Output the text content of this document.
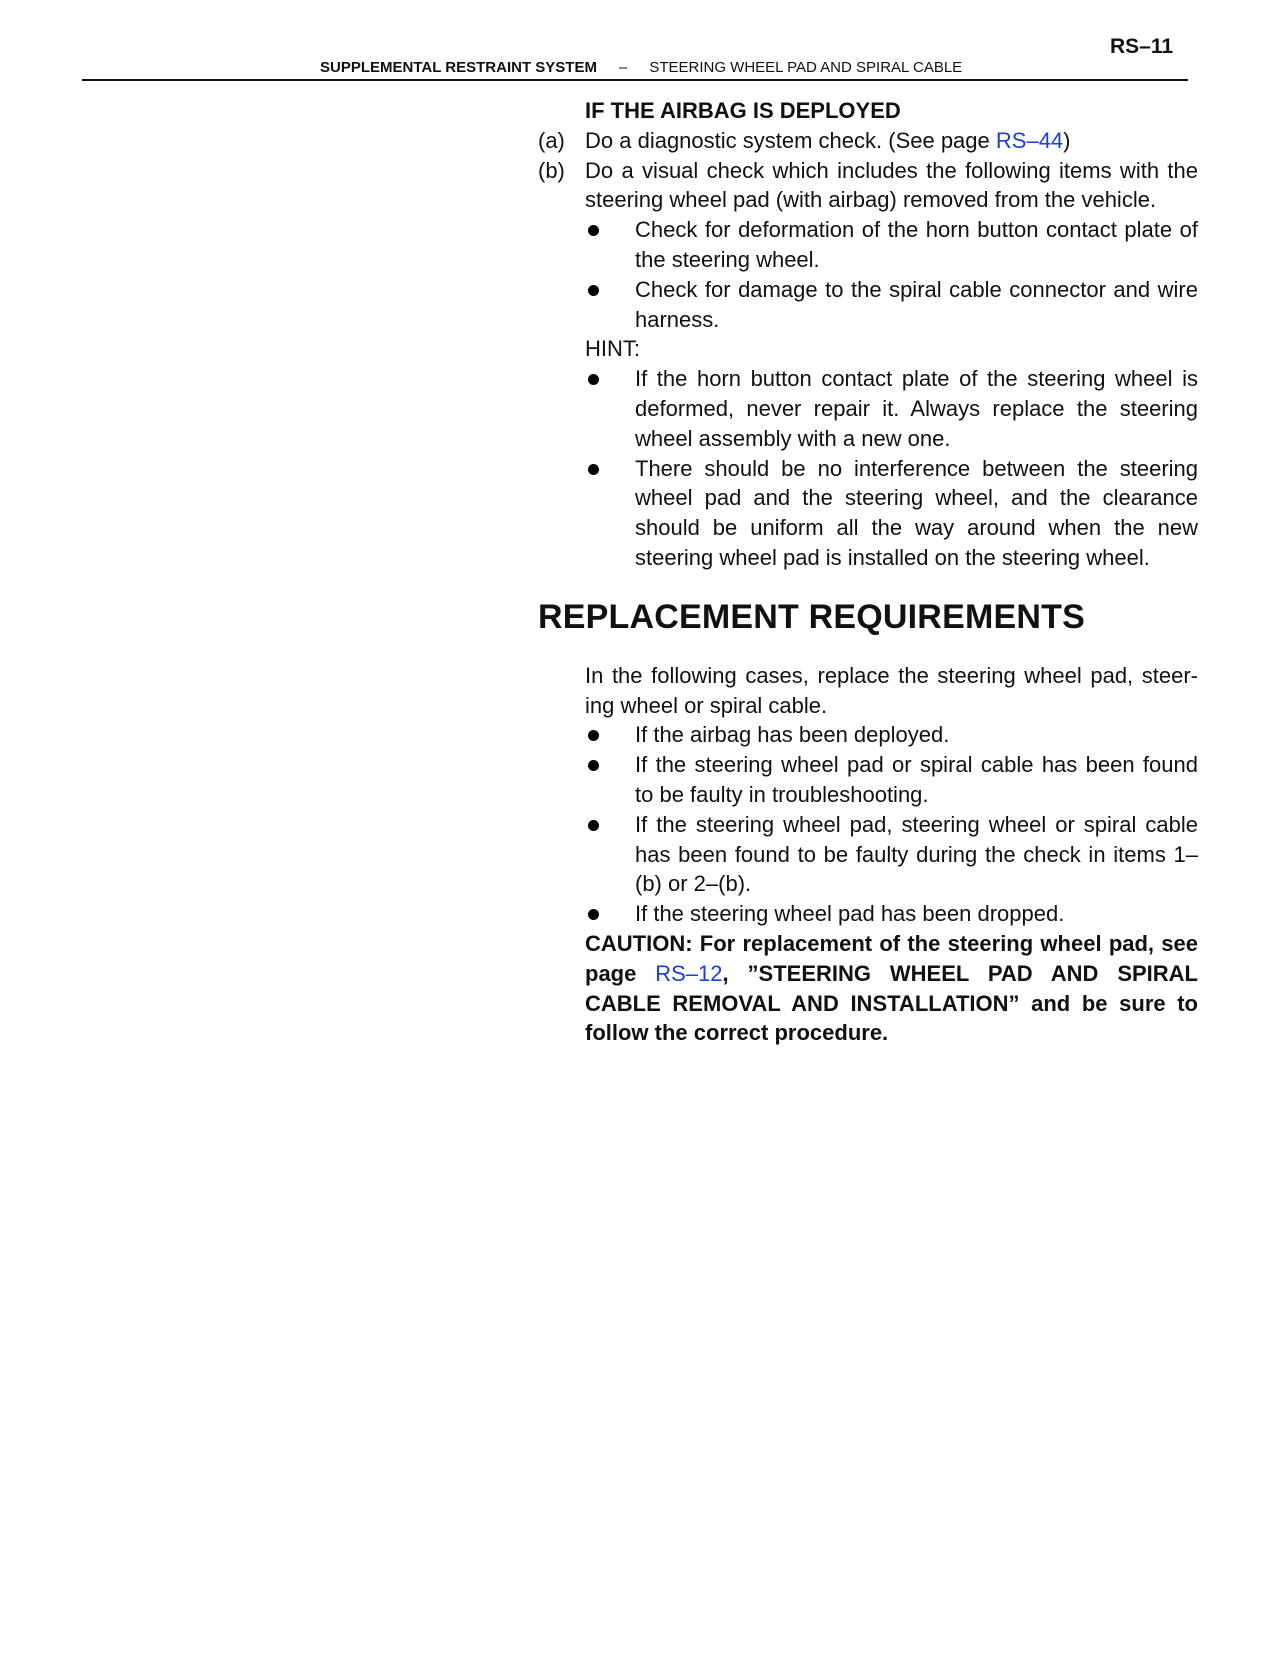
RS–11
SUPPLEMENTAL RESTRAINT SYSTEM – STEERING WHEEL PAD AND SPIRAL CABLE
IF THE AIRBAG IS DEPLOYED
(a) Do a diagnostic system check. (See page RS–44)
(b) Do a visual check which includes the following items with the steering wheel pad (with airbag) removed from the vehicle.
Check for deformation of the horn button contact plate of the steering wheel.
Check for damage to the spiral cable connector and wire harness.
HINT:
If the horn button contact plate of the steering wheel is deformed, never repair it. Always replace the steering wheel assembly with a new one.
There should be no interference between the steering wheel pad and the steering wheel, and the clearance should be uniform all the way around when the new steering wheel pad is installed on the steering wheel.
REPLACEMENT REQUIREMENTS
In the following cases, replace the steering wheel pad, steer-ing wheel or spiral cable.
If the airbag has been deployed.
If the steering wheel pad or spiral cable has been found to be faulty in troubleshooting.
If the steering wheel pad, steering wheel or spiral cable has been found to be faulty during the check in items 1–(b) or 2–(b).
If the steering wheel pad has been dropped.
CAUTION: For replacement of the steering wheel pad, see page RS–12, ”STEERING WHEEL PAD AND SPIRAL CABLE REMOVAL AND INSTALLATION” and be sure to follow the correct procedure.
